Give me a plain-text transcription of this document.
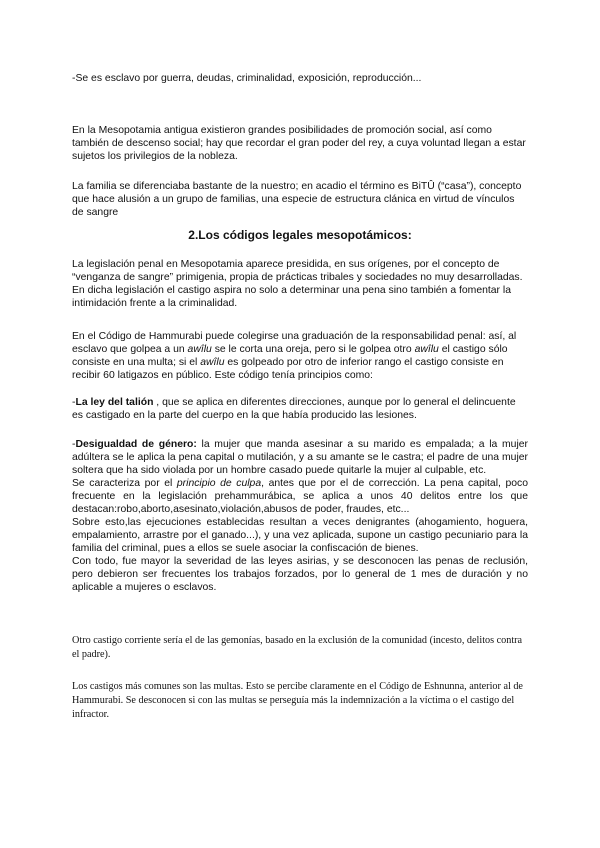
-Se es esclavo por guerra, deudas, criminalidad, exposición, reproducción...

En la Mesopotamia antigua existieron grandes posibilidades de promoción social, así como también de descenso social; hay que recordar el gran poder del rey, a cuya voluntad llegan a estar sujetos los privilegios de la nobleza.

La familia se diferenciaba bastante de la nuestro; en acadio el término es BiTÛ (“casa”), concepto que hace alusión a un grupo de familias, una especie de estructura clánica en virtud de vínculos de sangre

2.Los códigos legales mesopotámicos:

La legislación penal en Mesopotamia aparece presidida, en sus orígenes, por el concepto de “venganza de sangre” primigenia, propia de prácticas tribales y sociedades no muy desarrolladas. En dicha legislación el castigo aspira no solo a determinar una pena sino también a fomentar la intimidación frente a la criminalidad.

En el Código de Hammurabi puede colegirse una graduación de la responsabilidad penal: así, al esclavo que golpea a un awîlu se le corta una oreja, pero si le golpea otro awîlu el castigo sólo consiste en una multa; si el awîlu es golpeado por otro de inferior rango el castigo consiste en recibir 60 latigazos en público. Este código tenía principios como:

-La ley del talión , que se aplica en diferentes direcciones, aunque por lo general el delincuente es castigado en la parte del cuerpo en la que había producido las lesiones.

-Desigualdad de género: la mujer que manda asesinar a su marido es empalada; a la mujer adúltera se le aplica la pena capital o mutilación, y a su amante se le castra; el padre de una mujer soltera que ha sido violada por un hombre casado puede quitarle la mujer al culpable, etc.

Se caracteriza por el principio de culpa, antes que por el de corrección. La pena capital, poco frecuente en la legislación prehammurábica, se aplica a unos 40 delitos entre los que destacan:robo,aborto,asesinato,violación,abusos de poder, fraudes, etc...

Sobre esto,las ejecuciones establecidas resultan a veces denigrantes (ahogamiento, hoguera, empalamiento, arrastre por el ganado...), y una vez aplicada, supone un castigo pecuniario para la familia del criminal, pues a ellos se suele asociar la confiscación de bienes.

Con todo, fue mayor la severidad de las leyes asirias, y se desconocen las penas de reclusión, pero debieron ser frecuentes los trabajos forzados, por lo general de 1 mes de duración y no aplicable a mujeres o esclavos.

Otro castigo corriente sería el de las gemonías, basado en la exclusión de la comunidad (incesto, delitos contra el padre).

Los castigos más comunes son las multas. Esto se percibe claramente en el Código de Eshnunna, anterior al de Hammurabi. Se desconocen si con las multas se perseguía más la indemnización a la víctima o el castigo del infractor.
